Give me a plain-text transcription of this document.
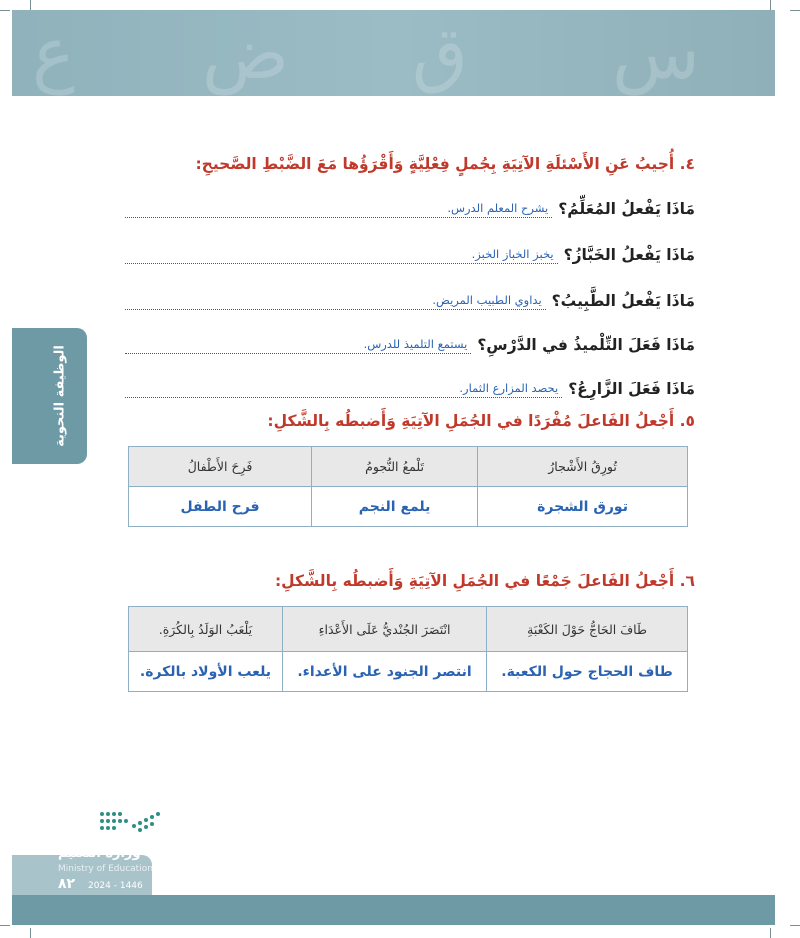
ﻉ ﺽ ﻕ ﺱ
الوظيفة النحوية
٤. أُجيبُ عَنِ الأَسْئلَةِ الآتِيَةِ بِجُملٍ فِعْلِيَّةٍ وَأَقْرَؤُها مَعَ الضَّبْطِ الصَّحيحِ:
مَاذَا يَفْعلُ المُعَلِّمُ؟
يشرح المعلم الدرس.
مَاذَا يَفْعلُ الخَبَّازُ؟
يخبز الخباز الخبز.
مَاذَا يَفْعلُ الطَّبِيبُ؟
يداوي الطبيب المريض.
مَاذَا فَعَلَ التِّلْميذُ في الدَّرْسِ؟
يستمع التلميذ للدرس.
مَاذَا فَعَلَ الزَّارِعُ؟
يحصد المزارع الثمار.
٥. أَجْعلُ الفَاعلَ مُفْرَدًا في الجُمَلِ الآتِيَةِ وَأَضبطُه بِالشَّكلِ:
تُورِقُ الأَشْجارُ	تَلْمعُ النُّجومُ	فَرِحَ الأَطْفالُ
تورق الشجرة	يلمع النجم	فرح الطفل
٦. أَجْعلُ الفَاعلَ جَمْعًا في الجُمَلِ الآتِيَةِ وَأَضبطُه بِالشَّكلِ:
طَافَ الحَاجُّ حَوْلَ الكَعْبَةِ	انْتَصَرَ الجُنْديُّ عَلَى الأَعْدَاءِ	يَلْعَبُ الوَلَدُ بِالكُرَةِ.
طاف الحجاج حول الكعبة.	انتصر الجنود على الأعداء.	يلعب الأولاد بالكرة.
وزارة التعليم
Ministry of Education
٨٢ 2024 - 1446
